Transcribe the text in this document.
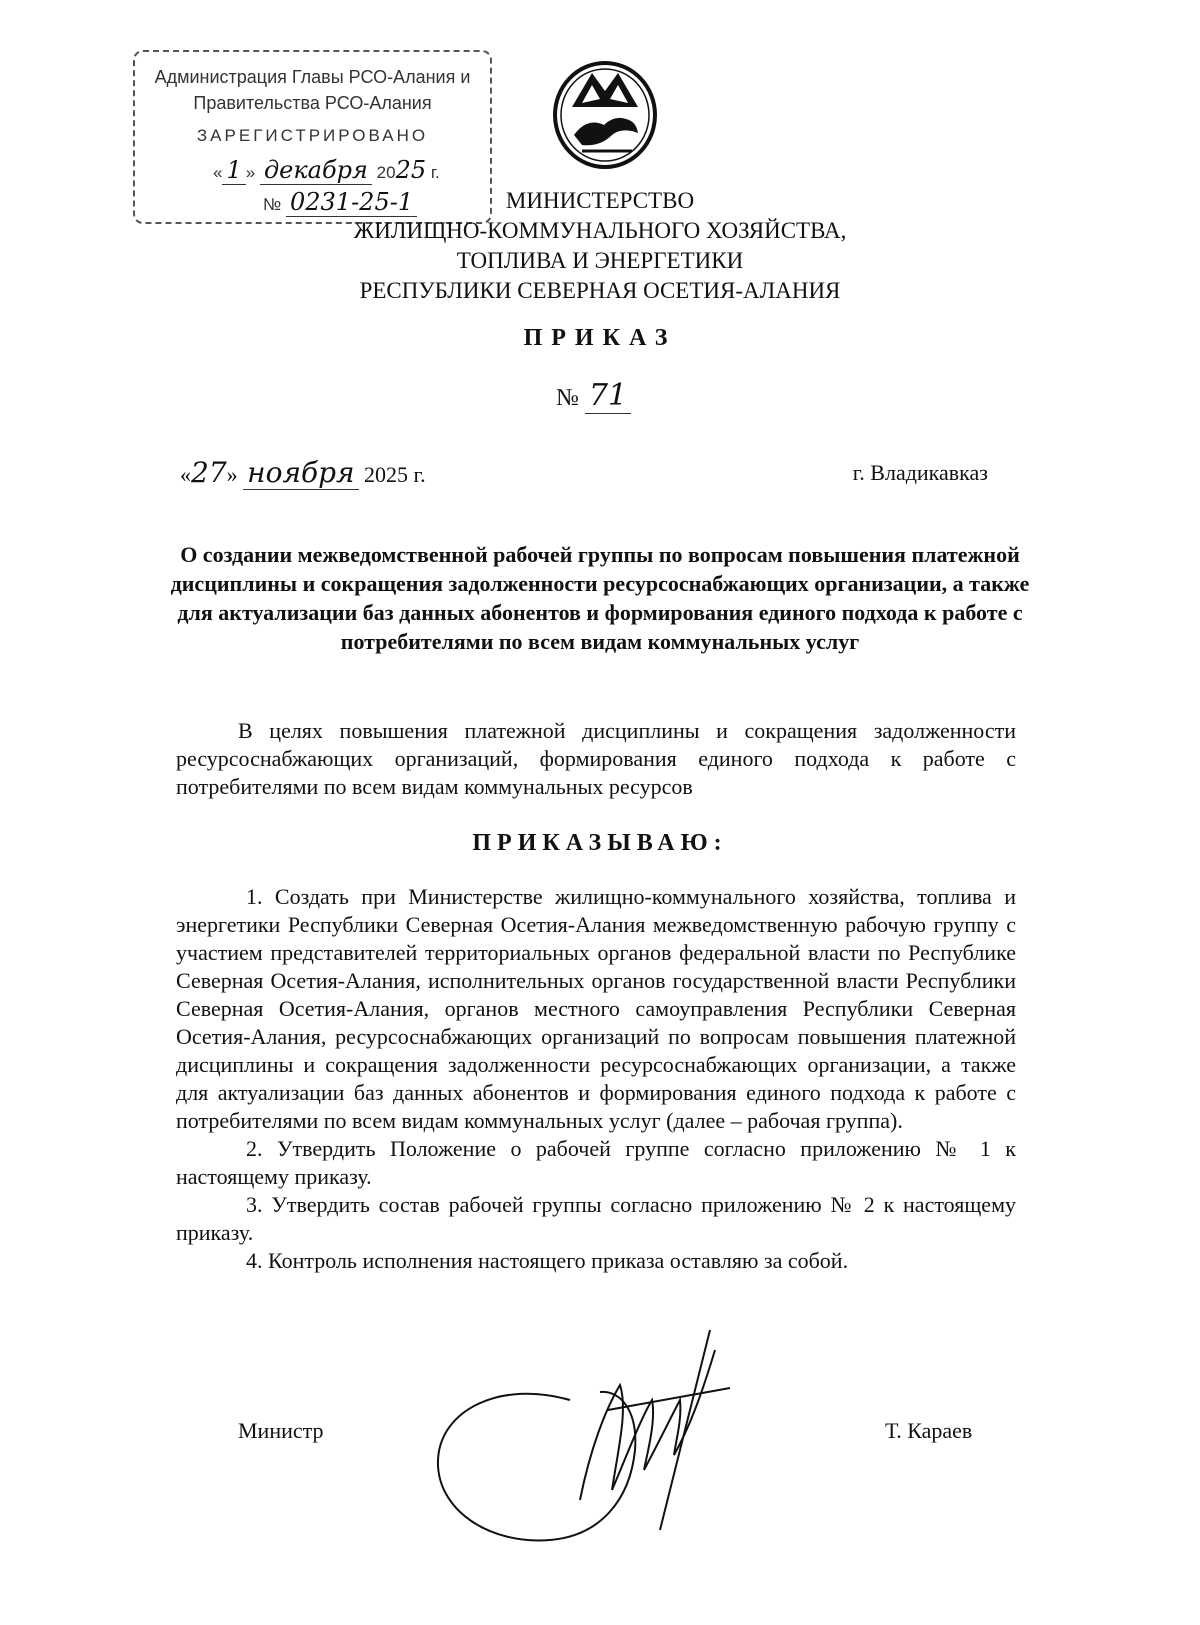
Администрация Главы РСО-Алания и Правительства РСО-Алания
ЗАРЕГИСТРИРОВАНО
« 1 » декабря 2025 г.
№ 0231-25-1	МИНИСТЕРСТВО
ЖИЛИЩНО-КОММУНАЛЬНОГО ХОЗЯЙСТВА,
ТОПЛИВА И ЭНЕРГЕТИКИ
РЕСПУБЛИКИ СЕВЕРНАЯ ОСЕТИЯ-АЛАНИЯ
ПРИКАЗ
№ 71
«27» ноября 2025 г.	г. Владикавказ
О создании межведомственной рабочей группы по вопросам повышения платежной дисциплины и сокращения задолженности ресурсоснабжающих организации, а также для актуализации баз данных абонентов и формирования единого подхода к работе с потребителями по всем видам коммунальных услуг
В целях повышения платежной дисциплины и сокращения задолженности ресурсоснабжающих организаций, формирования единого подхода к работе с потребителями по всем видам коммунальных ресурсов
ПРИКАЗЫВАЮ:

1. Создать при Министерстве жилищно-коммунального хозяйства, топлива и энергетики Республики Северная Осетия-Алания межведомственную рабочую группу с участием представителей территориальных органов федеральной власти по Республике Северная Осетия-Алания, исполнительных органов государственной власти Республики Северная Осетия-Алания, органов местного самоуправления Республики Северная Осетия-Алания, ресурсоснабжающих организаций по вопросам повышения платежной дисциплины и сокращения задолженности ресурсоснабжающих организации, а также для актуализации баз данных абонентов и формирования единого подхода к работе с потребителями по всем видам коммунальных услуг (далее – рабочая группа).

2. Утвердить Положение о рабочей группе согласно приложению № 1 к настоящему приказу.

3. Утвердить состав рабочей группы согласно приложению № 2 к настоящему приказу.

4. Контроль исполнения настоящего приказа оставляю за собой.

Министр	Т. Караев
